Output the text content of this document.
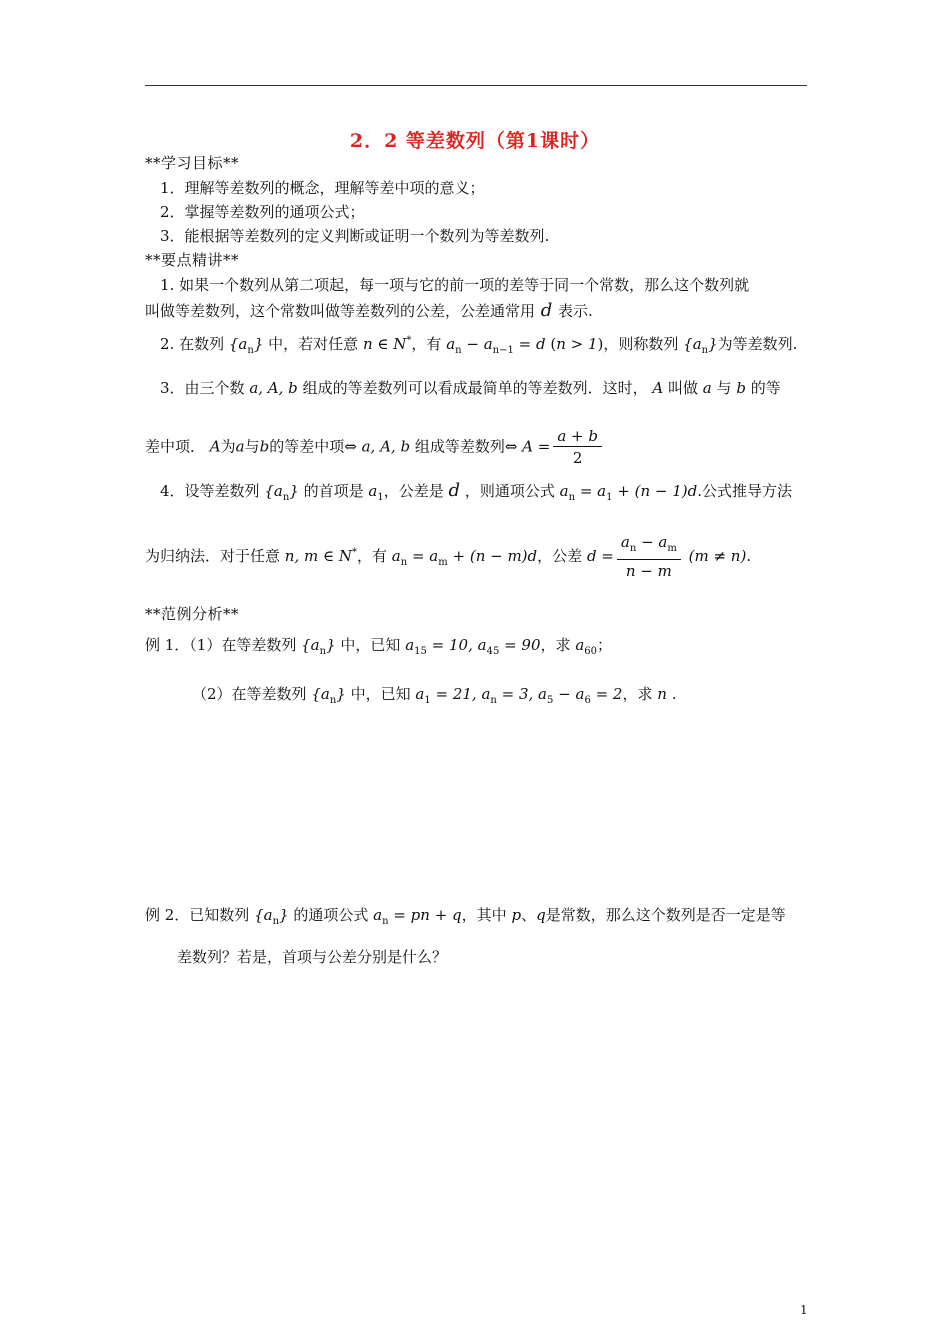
2．2 等差数列（第1课时）
**学习目标**
1．理解等差数列的概念，理解等差中项的意义；
2．掌握等差数列的通项公式；
3．能根据等差数列的定义判断或证明一个数列为等差数列.
**要点精讲**
1. 如果一个数列从第二项起，每一项与它的前一项的差等于同一个常数，那么这个数列就
叫做等差数列，这个常数叫做等差数列的公差，公差通常用 d 表示.
2. 在数列 $\{a_n\}$ 中，若对任意 n ∈ N*，有 $a_n - a_{n-1} = d$ (n > 1)，则称数列 $\{a_n\}$为等差数列.
3．由三个数 a, A, b 组成的等差数列可以看成最简单的等差数列．这时， A 叫做 a 与 b 的等
差中项． A为a与b的等差中项⇔ a, A, b 组成等差数列⇔ $A = \frac{a + b}{2}$
4．设等差数列 $\{a_n\}$ 的首项是 $a_1$，公差是 d ，则通项公式 $a_n = a_1 + (n - 1)d$.公式推导方法
为归纳法．对于任意 n, m ∈ N*，有 $a_n = a_m + (n - m)d$，公差 $d = \frac{a_n - a_m}{n - m} (m \ne n)$.
**范例分析**
例 1．（1）在等差数列 $\{a_n\}$ 中，已知 $a_{15} = 10$, $a_{45} = 90$，求 $a_{60}$；
（2）在等差数列 $\{a_n\}$ 中，已知 $a_1 = 21$, $a_n = 3$, $a_5 - a_6 = 2$，求 n .
例 2．已知数列 $\{a_n\}$ 的通项公式 $a_n$ = pn + q，其中 p、q是常数，那么这个数列是否一定是等
差数列？若是，首项与公差分别是什么？
1
